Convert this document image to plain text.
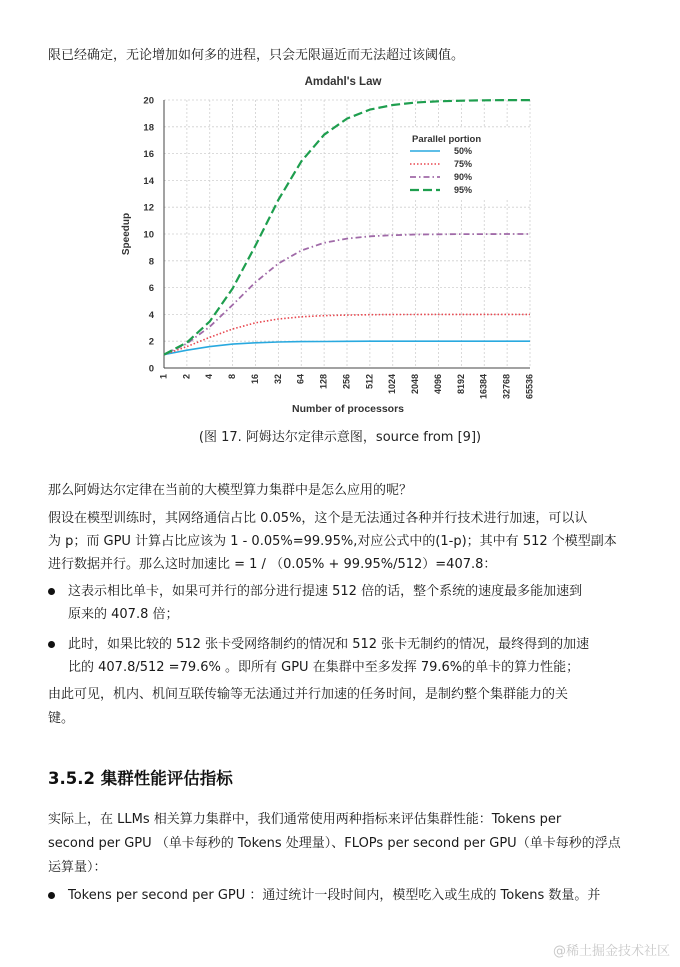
限已经确定，无论增加如何多的进程，只会无限逼近而无法超过该阈值。

Amdahl's Law
0
2
4
6
8
10
12
14
16
18
20
1 2 4 8 16 32 64 128 256 512 1024 2048 4096 8192 16384 32768 65536
Speedup
Number of processors
Parallel portion
50%
75%
90%
95%
(图 17. 阿姆达尔定律示意图，source from [9])

那么阿姆达尔定律在当前的大模型算力集群中是怎么应用的呢？

假设在模型训练时，其网络通信占比 0.05%，这个是无法通过各种并行技术进行加速，可以认

为 p；而 GPU 计算占比应该为 1 - 0.05%=99.95%,对应公式中的(1-p)；其中有 512 个模型副本

进行数据并行。那么这时加速比 = 1 / （0.05% + 99.95%/512）=407.8：

这表示相比单卡，如果可并行的部分进行提速 512 倍的话，整个系统的速度最多能加速到
原来的 407.8 倍；
此时，如果比较的 512 张卡受网络制约的情况和 512 张卡无制约的情况，最终得到的加速
比的 407.8/512 =79.6% 。即所有 GPU 在集群中至多发挥 79.6%的单卡的算力性能；

由此可见，机内、机间互联传输等无法通过并行加速的任务时间，是制约整个集群能力的关

键。

3.5.2 集群性能评估指标

实际上，在 LLMs 相关算力集群中，我们通常使用两种指标来评估集群性能：Tokens per

second per GPU （单卡每秒的 Tokens 处理量）、FLOPs per second per GPU（单卡每秒的浮点

运算量）：

Tokens per second per GPU ：通过统计一段时间内，模型吃入或生成的 Tokens 数量。并
@稀土掘金技术社区
